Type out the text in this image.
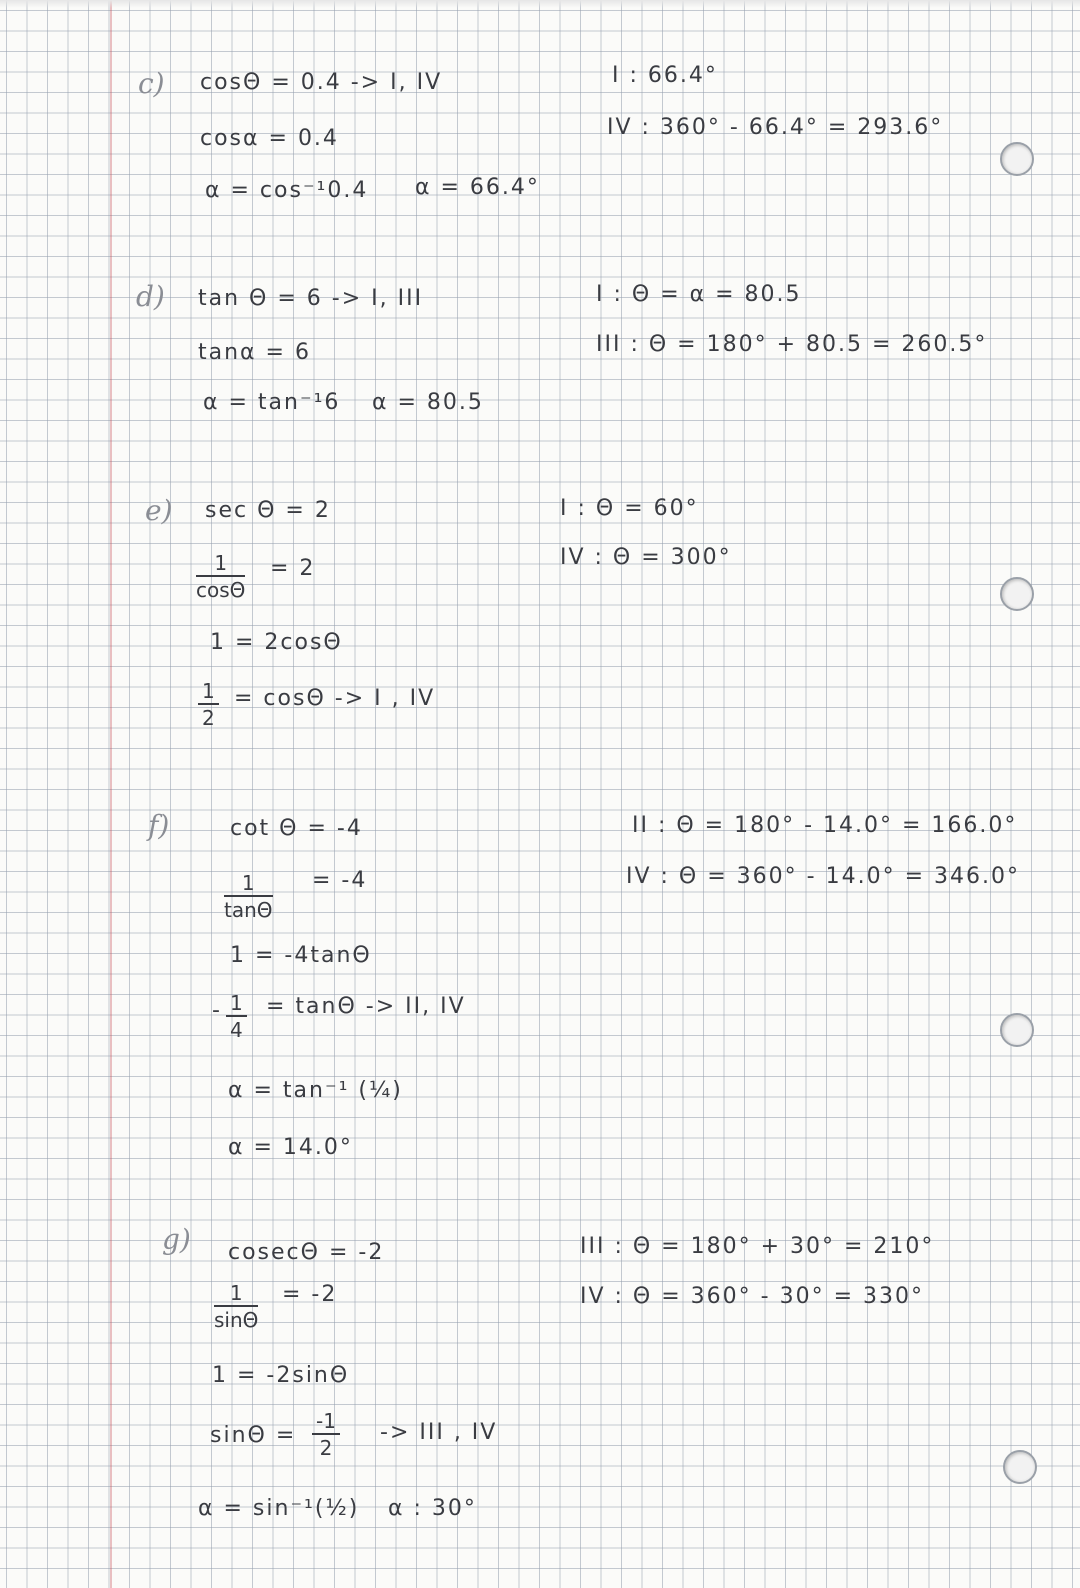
c) cosΘ = 0.4 -> I, IV
cosα = 0.4
α = cos⁻¹0.4 α = 66.4°
I : 66.4°
IV : 360° - 66.4° = 293.6°
d) tan Θ = 6 -> I, III
tanα = 6
α = tan⁻¹6 α = 80.5
I : Θ = α = 80.5
III : Θ = 180° + 80.5 = 260.5°
e) sec Θ = 2
$\frac{1}{\cos\Theta} = 2$
1 = 2cosΘ
$\frac{1}{2} = \cos\Theta -> I$ , IV
I : Θ = 60°
IV : Θ = 300°
f)	cot Θ = -4
$\frac{1}{\tan\Theta} = -4$
1 = -4tanΘ
- $\frac{1}{4} = \tan\Theta$ -> II, IV
α = tan⁻¹ (¼)
α = 14.0°
II : Θ = 180° - 14.0° = 166.0°
IV : Θ = 360° - 14.0° = 346.0°
g) cosecΘ = -2
$\frac{1}{\sin\Theta} = -2$
1 = -2sinΘ
$\sin\Theta = \frac{-1}{2}$ -> III , IV
α = sin⁻¹(½) α : 30°
III : Θ = 180° + 30° = 210°
IV : Θ = 360° - 30° = 330°
